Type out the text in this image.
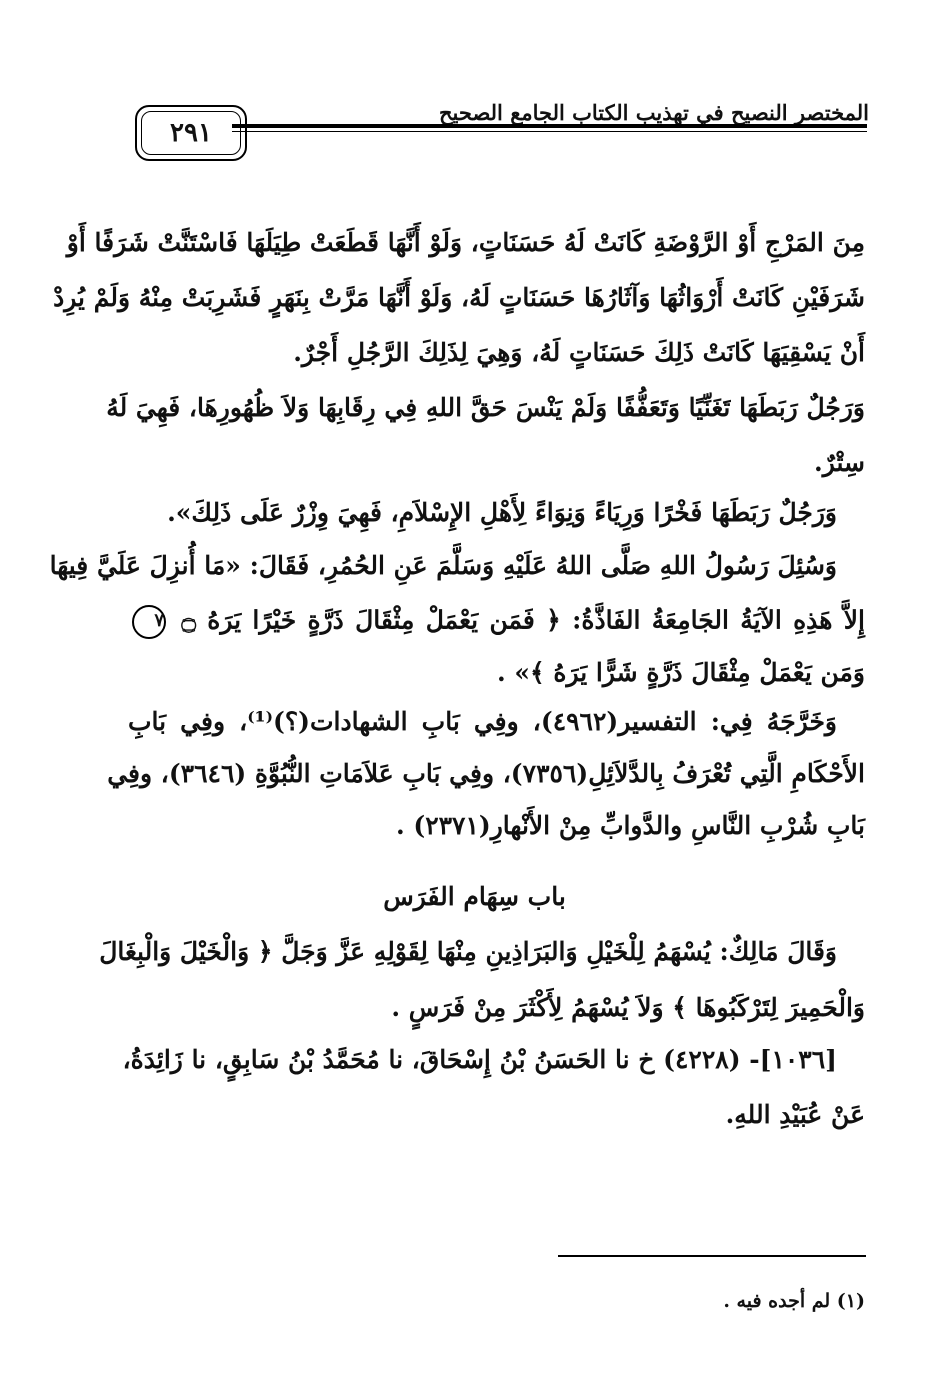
المختصر النصيح في تهذيب الكتاب الجامع الصحيح
٢٩١
مِنَ المَرْجِ أَوْ الرَّوْضَةِ كَانَتْ لَهُ حَسَنَاتٍ، وَلَوْ أَنَّهَا قَطَعَتْ طِيَلَهَا فَاسْتَنَّتْ شَرَفًا أَوْ
شَرَفَيْنِ كَانَتْ أَرْوَاثُهَا وَآثَارُهَا حَسَنَاتٍ لَهُ، وَلَوْ أَنَّهَا مَرَّتْ بِنَهَرٍ فَشَرِبَتْ مِنْهُ وَلَمْ يُرِدْ
أَنْ يَسْقِيَهَا كَانَتْ ذَلِكَ حَسَنَاتٍ لَهُ، وَهِيَ لِذَلِكَ الرَّجُلِ أَجْرٌ.
وَرَجُلٌ رَبَطَهَا تَغَنِّيًا وَتَعَفُّفًا وَلَمْ يَنْسَ حَقَّ اللهِ فِي رِقَابِهَا وَلاَ ظُهُورِهَا، فَهِيَ لَهُ
سِتْرٌ.
وَرَجُلٌ رَبَطَهَا فَخْرًا وَرِيَاءً وَنِوَاءً لِأَهْلِ الإِسْلاَمِ، فَهِيَ وِزْرٌ عَلَى ذَلِكَ».
وَسُئِلَ رَسُولُ اللهِ صَلَّى اللهُ عَلَيْهِ وَسَلَّمَ عَنِ الحُمُرِ، فَقَالَ: «مَا أُنزِلَ عَلَيَّ فِيهَا
إِلاَّ هَذِهِ الآيَةُ الجَامِعَةُ الفَاذَّةُ: ﴿ فَمَن يَعْمَلْ مِثْقَالَ ذَرَّةٍ خَيْرًا يَرَهُ ۝ ٧
وَمَن يَعْمَلْ مِثْقَالَ ذَرَّةٍ شَرًّا يَرَهُ ﴾» .
وَخَرَّجَهُ فِي: التفسير(٤٩٦٢)، وفِي بَابِ الشهادات(؟)⁽¹⁾، وفِي بَابِ
الأَحْكَامِ الَّتِي تُعْرَفُ بِالدَّلاَئِلِ(٧٣٥٦)، وفِي بَابِ عَلاَمَاتِ النُّبُوَّةِ (٣٦٤٦)، وفِي
بَابِ شُرْبِ النَّاسِ والدَّوابِّ مِنْ الأَنْهارِ(٢٣٧١) .
باب سِهَام الفَرَس
وَقَالَ مَالِكٌ: يُسْهَمُ لِلْخَيْلِ وَالبَرَاذِينِ مِنْهَا لِقَوْلِهِ عَزَّ وَجَلَّ ﴿ وَالْخَيْلَ وَالْبِغَالَ
وَالْحَمِيرَ لِتَرْكَبُوهَا ﴾ وَلاَ يُسْهَمُ لِأَكْثَرَ مِنْ فَرَسٍ .
[١٠٣٦]- (٤٢٢٨) خ نا الحَسَنُ بْنُ إِسْحَاقَ، نا مُحَمَّدُ بْنُ سَابِقٍ، نا زَائِدَةُ،
عَنْ عُبَيْدِ اللهِ.
(١) لم أجده فيه .
